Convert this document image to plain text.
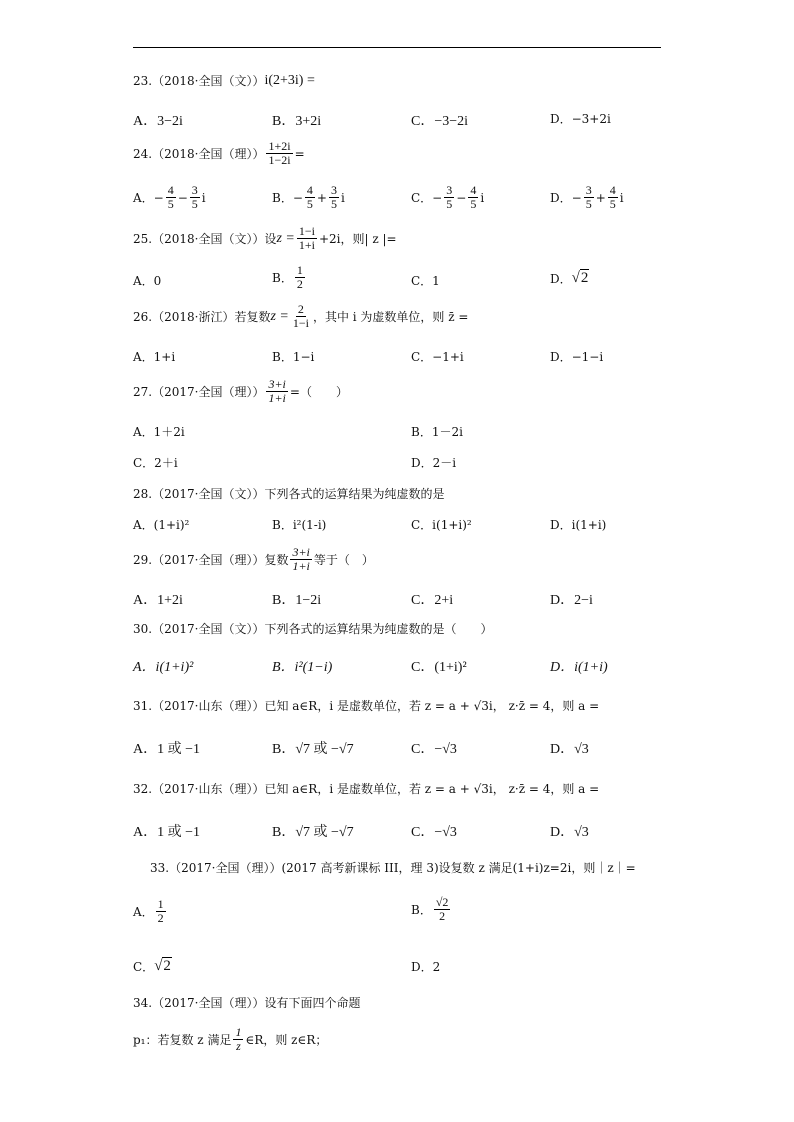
23.（2018·全国（文）） i(2+3i) =
A．3−2i	B．3+2i	C．−3−2i	D．−3+2i
24.（2018·全国（理）） $\frac{1+2i}{1-2i}$ =
A．− $\frac{4}{5} - \frac{3}{5}$ i	B．− $\frac{4}{5} + \frac{3}{5}$ i	C．− $\frac{3}{5} - \frac{4}{5}$ i	D．− $\frac{3}{5} + \frac{4}{5}$ i
25.（2018·全国（文））设 $z = \frac{1-i}{1+i} +2i$，则| z |=
A．0	B． $\frac{1}{2}$	C．1	D． √2
26.（2018·浙江）若复数 $z = \frac{2}{1-i}$ ，其中 i 为虚数单位，则 z̄ =
A．1+i	B．1−i	C．−1+i	D．−1−i
27.（2017·全国（理）） $\frac{3+i}{1+i}$ =（　　）
A．1＋2i	B．1－2i
C．2＋i	D．2－i
28.（2017·全国（文））下列各式的运算结果为纯虚数的是
A．(1+i)²	B．i²(1-i)	C．i(1+i)²	D．i(1+i)
29.（2017·全国（理））复数 $\frac{3+i}{1+i}$ 等于（　）
A．1+2i	B．1−2i	C．2+i	D．2−i
30.（2017·全国（文））下列各式的运算结果为纯虚数的是（　　）
A．i(1+i)²	B．i²(1−i)	C．(1+i)²	D．i(1+i)
31.（2017·山东（理））已知 a∈R，i 是虚数单位，若 z = a + √3i， z·z̄ = 4，则 a =
A．1 或 −1	B．√7 或 −√7	C．−√3	D．√3
32.（2017·山东（理））已知 a∈R，i 是虚数单位，若 z = a + √3i， z·z̄ = 4，则 a =
A．1 或 −1	B．√7 或 −√7	C．−√3	D．√3
33.（2017·全国（理））(2017 高考新课标 III，理 3)设复数 z 满足(1+i)z=2i，则｜z｜=
A． $\frac{1}{2}$	B． $\frac{√2}{2}$
C． √2	D．2
34.（2017·全国（理））设有下面四个命题
p₁：若复数 z 满足 $\frac{1}{z}$ ∈R，则 z∈R；
